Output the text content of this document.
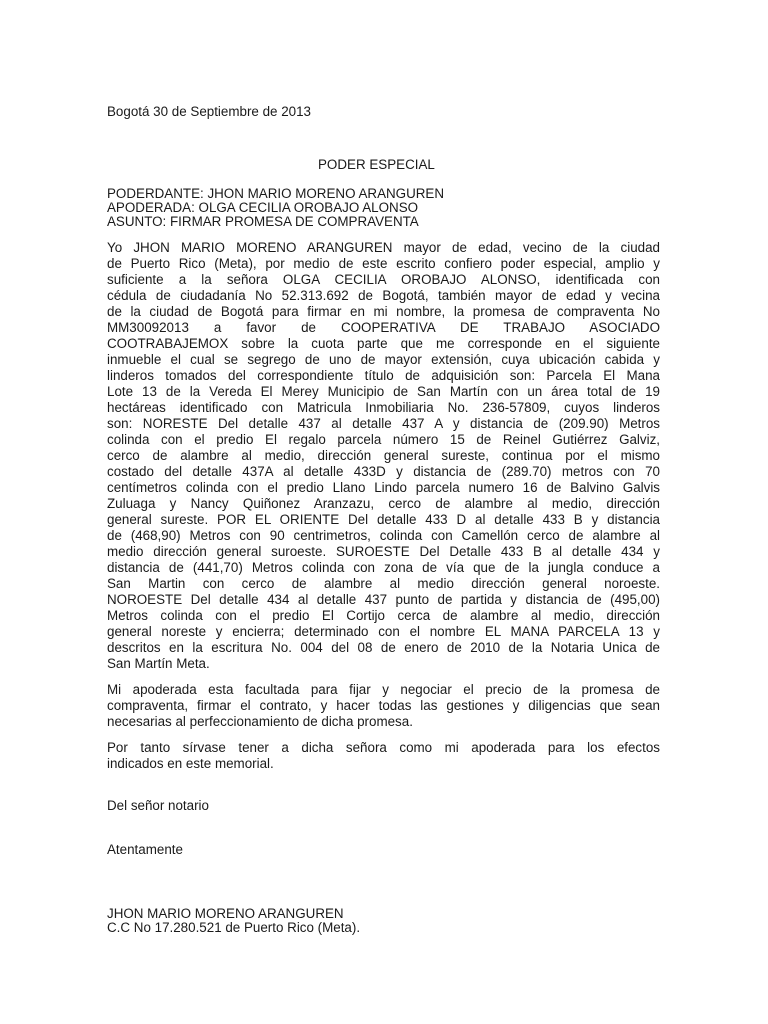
Bogotá 30 de Septiembre de 2013
PODER ESPECIAL
PODERDANTE: JHON MARIO MORENO ARANGUREN
APODERADA: OLGA CECILIA OROBAJO ALONSO
ASUNTO: FIRMAR PROMESA DE COMPRAVENTA
Yo JHON MARIO MORENO ARANGUREN mayor de edad, vecino de la ciudad
de Puerto Rico (Meta), por medio de este escrito confiero poder especial, amplio y
suficiente a la señora OLGA CECILIA OROBAJO ALONSO, identificada con
cédula de ciudadanía No 52.313.692 de Bogotá, también mayor de edad y vecina
de la ciudad de Bogotá para firmar en mi nombre, la promesa de compraventa No
MM30092013 a favor de COOPERATIVA DE TRABAJO ASOCIADO
COOTRABAJEMOX sobre la cuota parte que me corresponde en el siguiente
inmueble el cual se segrego de uno de mayor extensión, cuya ubicación cabida y
linderos tomados del correspondiente título de adquisición son: Parcela El Mana
Lote 13 de la Vereda El Merey Municipio de San Martín con un área total de 19
hectáreas identificado con Matricula Inmobiliaria No. 236-57809, cuyos linderos
son: NORESTE Del detalle 437 al detalle 437 A y distancia de (209.90) Metros
colinda con el predio El regalo parcela número 15 de Reinel Gutiérrez Galviz,
cerco de alambre al medio, dirección general sureste, continua por el mismo
costado del detalle 437A al detalle 433D y distancia de (289.70) metros con 70
centímetros colinda con el predio Llano Lindo parcela numero 16 de Balvino Galvis
Zuluaga y Nancy Quiñonez Aranzazu, cerco de alambre al medio, dirección
general sureste. POR EL ORIENTE Del detalle 433 D al detalle 433 B y distancia
de (468,90) Metros con 90 centrimetros, colinda con Camellón cerco de alambre al
medio dirección general suroeste. SUROESTE Del Detalle 433 B al detalle 434 y
distancia de (441,70) Metros colinda con zona de vía que de la jungla conduce a
San Martin con cerco de alambre al medio dirección general noroeste.
NOROESTE Del detalle 434 al detalle 437 punto de partida y distancia de (495,00)
Metros colinda con el predio El Cortijo cerca de alambre al medio, dirección
general noreste y encierra; determinado con el nombre EL MANA PARCELA 13 y
descritos en la escritura No. 004 del 08 de enero de 2010 de la Notaria Unica de
San Martín Meta.
Mi apoderada esta facultada para fijar y negociar el precio de la promesa de
compraventa, firmar el contrato, y hacer todas las gestiones y diligencias que sean
necesarias al perfeccionamiento de dicha promesa.
Por tanto sírvase tener a dicha señora como mi apoderada para los efectos
indicados en este memorial.
Del señor notario
Atentamente
JHON MARIO MORENO ARANGUREN
C.C No 17.280.521 de Puerto Rico (Meta).
